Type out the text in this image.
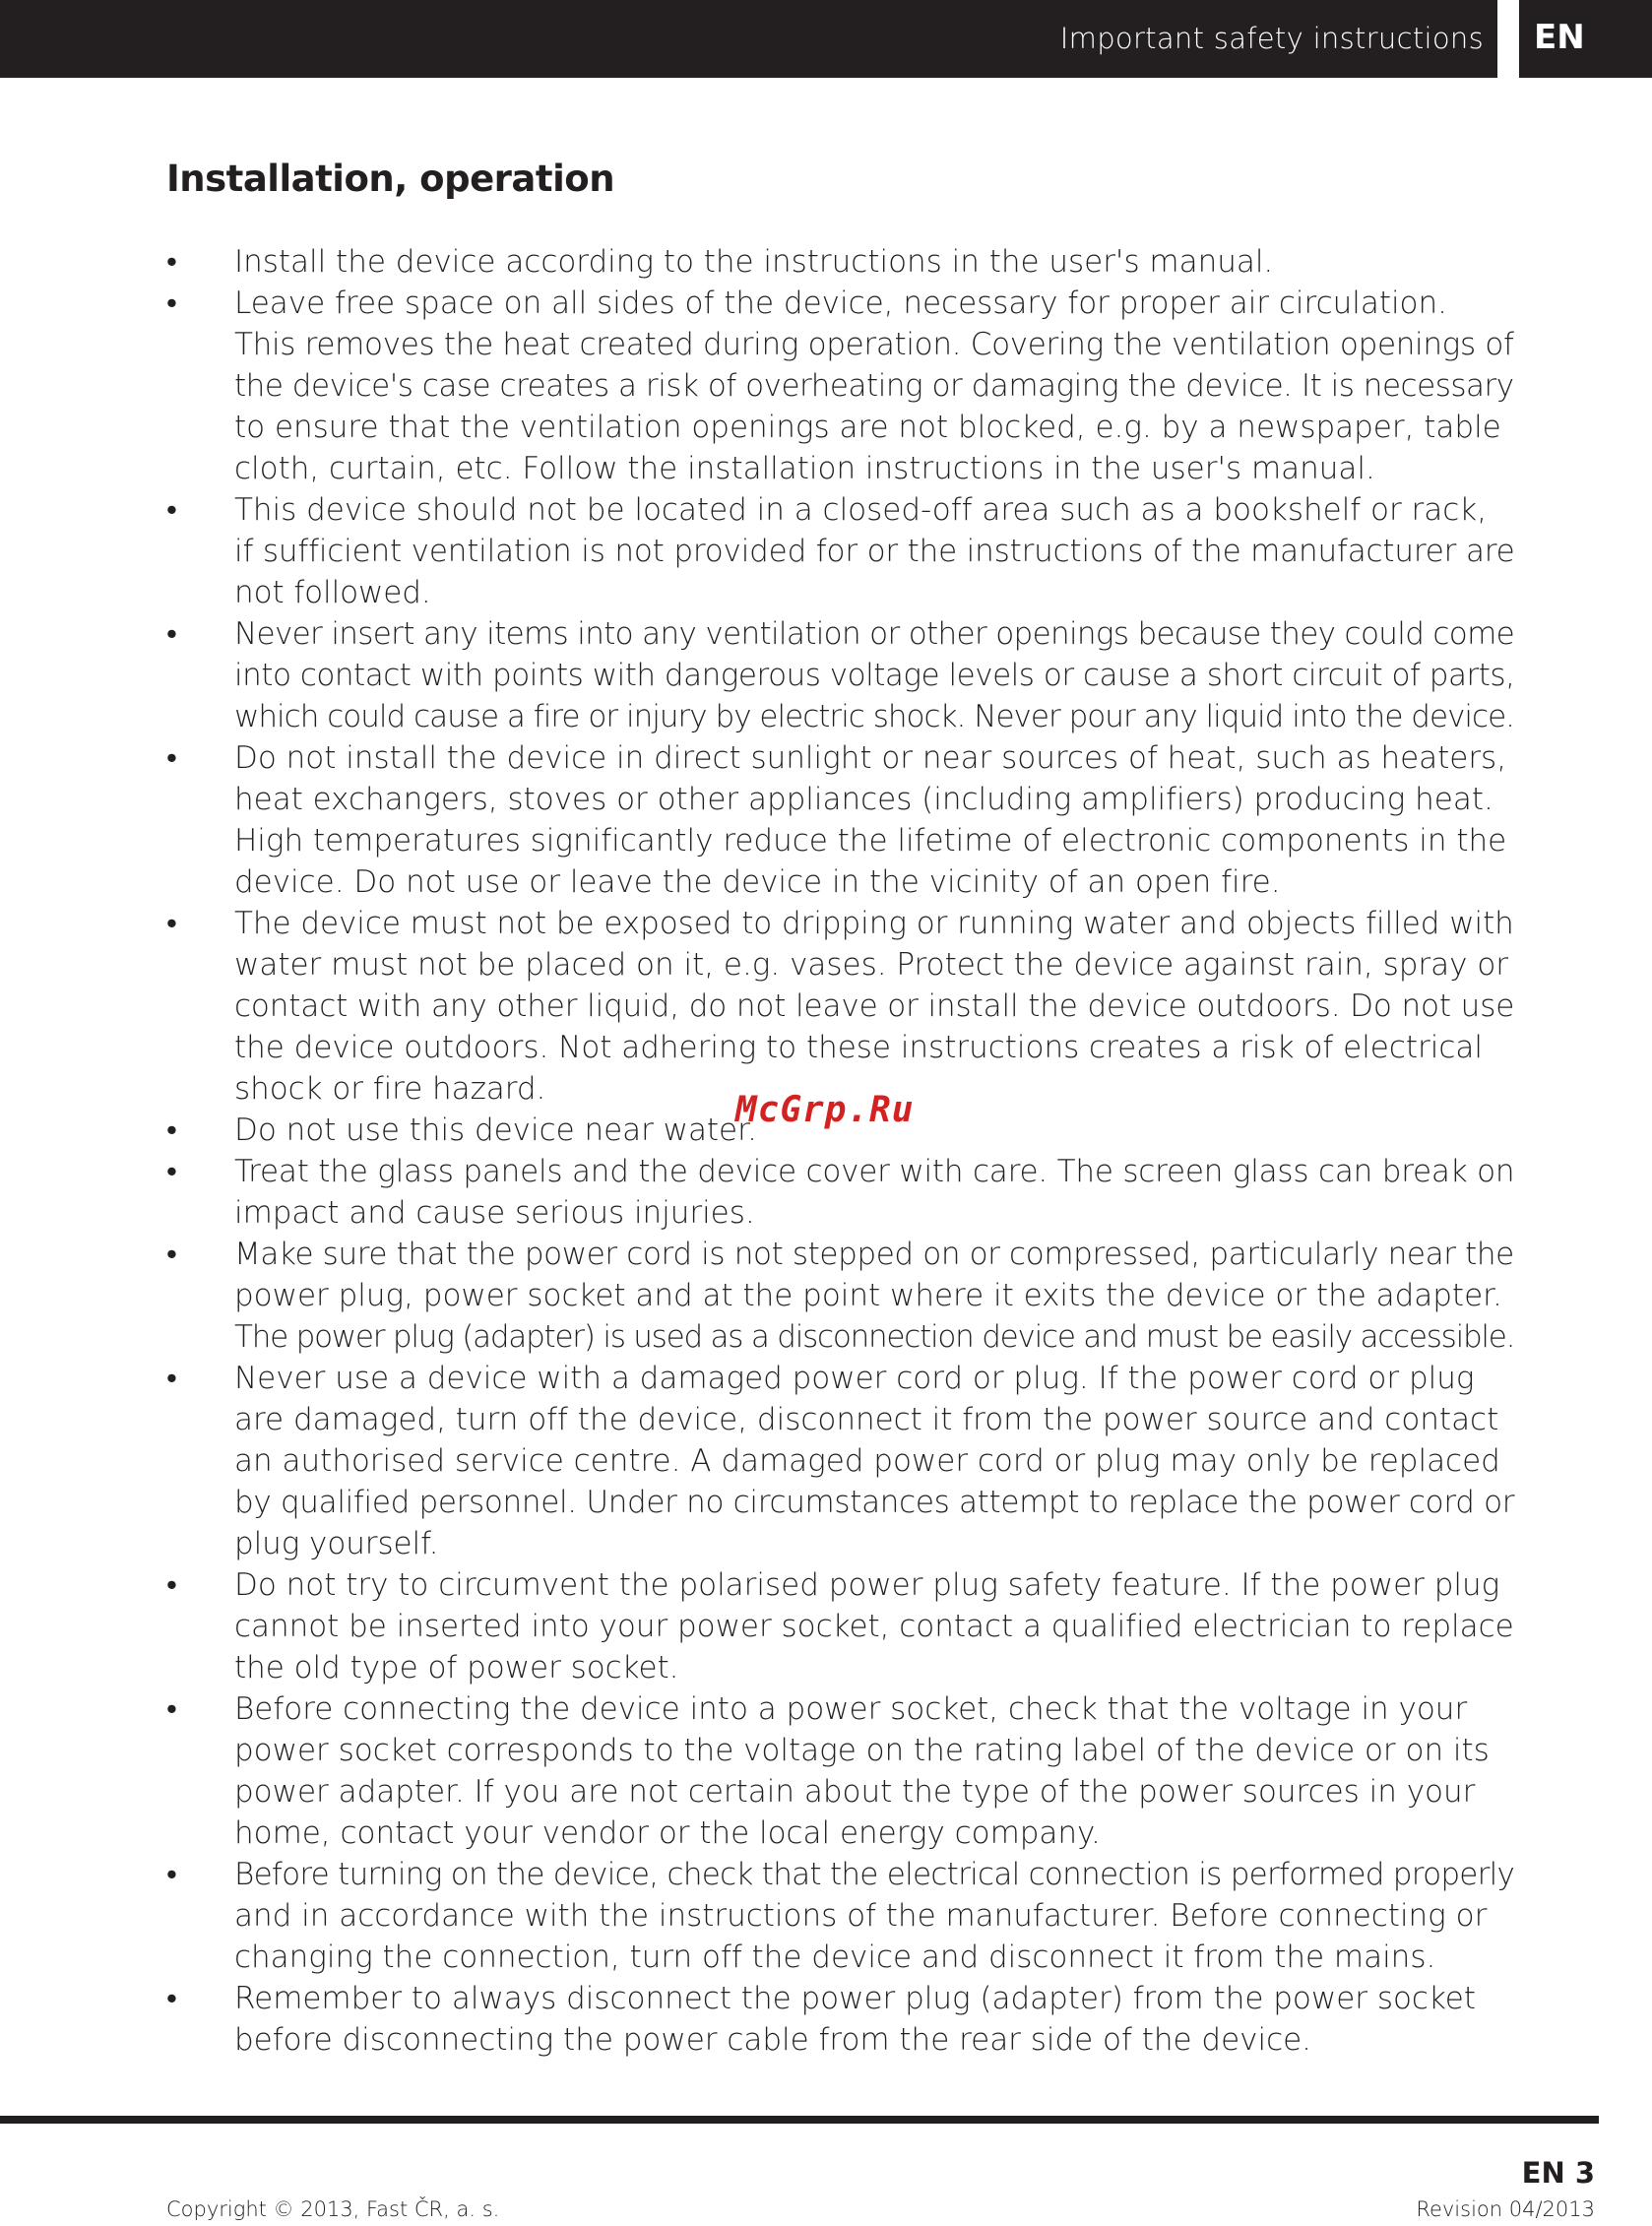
Important safety instructions EN
Installation, operation
• Install the device according to the instructions in the user's manual.
• Leave free space on all sides of the device, necessary for proper air circulation.
This removes the heat created during operation. Covering the ventilation openings of
the device's case creates a risk of overheating or damaging the device. It is necessary
to ensure that the ventilation openings are not blocked, e.g. by a newspaper, table
cloth, curtain, etc. Follow the installation instructions in the user's manual.
• This device should not be located in a closed-off area such as a bookshelf or rack,
if sufficient ventilation is not provided for or the instructions of the manufacturer are
not followed.
• Never insert any items into any ventilation or other openings because they could come
into contact with points with dangerous voltage levels or cause a short circuit of parts,
which could cause a fire or injury by electric shock. Never pour any liquid into the device.
• Do not install the device in direct sunlight or near sources of heat, such as heaters,
heat exchangers, stoves or other appliances (including amplifiers) producing heat.
High temperatures significantly reduce the lifetime of electronic components in the
device. Do not use or leave the device in the vicinity of an open fire.
• The device must not be exposed to dripping or running water and objects filled with
water must not be placed on it, e.g. vases. Protect the device against rain, spray or
contact with any other liquid, do not leave or install the device outdoors. Do not use
the device outdoors. Not adhering to these instructions creates a risk of electrical
shock or fire hazard.
• Do not use this device near water.
• Treat the glass panels and the device cover with care. The screen glass can break on
impact and cause serious injuries.
• Make sure that the power cord is not stepped on or compressed, particularly near the
power plug, power socket and at the point where it exits the device or the adapter.
The power plug (adapter) is used as a disconnection device and must be easily accessible.
• Never use a device with a damaged power cord or plug. If the power cord or plug
are damaged, turn off the device, disconnect it from the power source and contact
an authorised service centre. A damaged power cord or plug may only be replaced
by qualified personnel. Under no circumstances attempt to replace the power cord or
plug yourself.
• Do not try to circumvent the polarised power plug safety feature. If the power plug
cannot be inserted into your power socket, contact a qualified electrician to replace
the old type of power socket.
• Before connecting the device into a power socket, check that the voltage in your
power socket corresponds to the voltage on the rating label of the device or on its
power adapter. If you are not certain about the type of the power sources in your
home, contact your vendor or the local energy company.
• Before turning on the device, check that the electrical connection is performed properly
and in accordance with the instructions of the manufacturer. Before connecting or
changing the connection, turn off the device and disconnect it from the mains.
• Remember to always disconnect the power plug (adapter) from the power socket
before disconnecting the power cable from the rear side of the device.
McGrp.Ru
EN 3
Copyright © 2013, Fast ČR, a. s.	Revision 04/2013
